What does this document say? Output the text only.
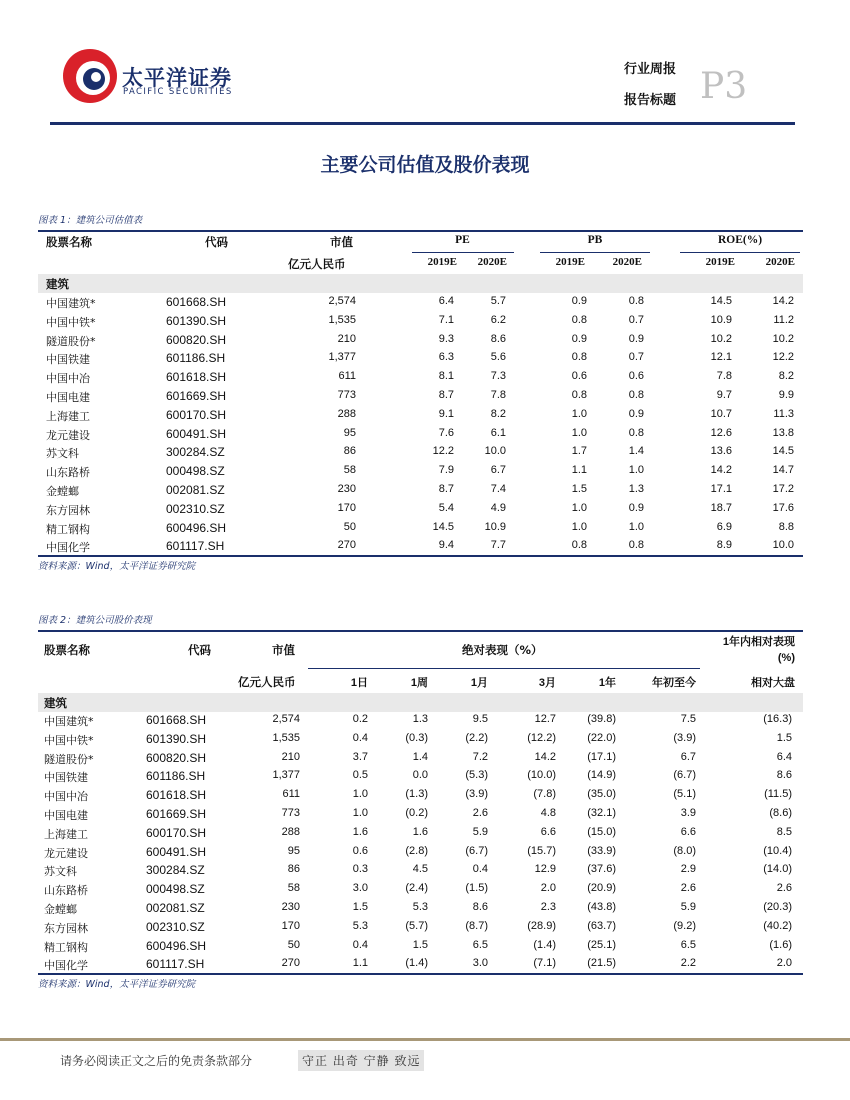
太平洋证券
PACIFIC SECURITIES
行业周报
报告标题 P3
主要公司估值及股价表现
图表 1：建筑公司估值表
股票名称	代码	市值	PE	PB	ROE(%)
亿元人民币	2019E	2020E	2019E	2020E	2019E	2020E
建筑
中国建筑*	601668.SH	2,574	6.4	5.7	0.9	0.8	14.5	14.2
中国中铁*	601390.SH	1,535	7.1	6.2	0.8	0.7	10.9	11.2
隧道股份*	600820.SH	210	9.3	8.6	0.9	0.9	10.2	10.2
中国铁建	601186.SH	1,377	6.3	5.6	0.8	0.7	12.1	12.2
中国中冶	601618.SH	611	8.1	7.3	0.6	0.6	7.8	8.2
中国电建	601669.SH	773	8.7	7.8	0.8	0.8	9.7	9.9
上海建工	600170.SH	288	9.1	8.2	1.0	0.9	10.7	11.3
龙元建设	600491.SH	95	7.6	6.1	1.0	0.8	12.6	13.8
苏文科	300284.SZ	86	12.2	10.0	1.7	1.4	13.6	14.5
山东路桥	000498.SZ	58	7.9	6.7	1.1	1.0	14.2	14.7
金螳螂	002081.SZ	230	8.7	7.4	1.5	1.3	17.1	17.2
东方园林	002310.SZ	170	5.4	4.9	1.0	0.9	18.7	17.6
精工钢构	600496.SH	50	14.5	10.9	1.0	1.0	6.9	8.8
中国化学	601117.SH	270	9.4	7.7	0.8	0.8	8.9	10.0
资料来源：Wind，太平洋证券研究院
图表 2：建筑公司股价表现
股票名称	代码	市值	绝对表现（%）
1年内相对表现
(%)
亿元人民币	1日	1周	1月	3月	1年	年初至今	相对大盘
建筑
中国建筑*	601668.SH	2,574	0.2	1.3	9.5	12.7	(39.8)	7.5	(16.3)
中国中铁*	601390.SH	1,535	0.4	(0.3)	(2.2)	(12.2)	(22.0)	(3.9)	1.5
隧道股份*	600820.SH	210	3.7	1.4	7.2	14.2	(17.1)	6.7	6.4
中国铁建	601186.SH	1,377	0.5	0.0	(5.3)	(10.0)	(14.9)	(6.7)	8.6
中国中冶	601618.SH	611	1.0	(1.3)	(3.9)	(7.8)	(35.0)	(5.1)	(11.5)
中国电建	601669.SH	773	1.0	(0.2)	2.6	4.8	(32.1)	3.9	(8.6)
上海建工	600170.SH	288	1.6	1.6	5.9	6.6	(15.0)	6.6	8.5
龙元建设	600491.SH	95	0.6	(2.8)	(6.7)	(15.7)	(33.9)	(8.0)	(10.4)
苏文科	300284.SZ	86	0.3	4.5	0.4	12.9	(37.6)	2.9	(14.0)
山东路桥	000498.SZ	58	3.0	(2.4)	(1.5)	2.0	(20.9)	2.6	2.6
金螳螂	002081.SZ	230	1.5	5.3	8.6	2.3	(43.8)	5.9	(20.3)
东方园林	002310.SZ	170	5.3	(5.7)	(8.7)	(28.9)	(63.7)	(9.2)	(40.2)
精工钢构	600496.SH	50	0.4	1.5	6.5	(1.4)	(25.1)	6.5	(1.6)
中国化学	601117.SH	270	1.1	(1.4)	3.0	(7.1)	(21.5)	2.2	2.0
资料来源：Wind，太平洋证券研究院
请务必阅读正文之后的免责条款部分	守正 出奇 宁静 致远
